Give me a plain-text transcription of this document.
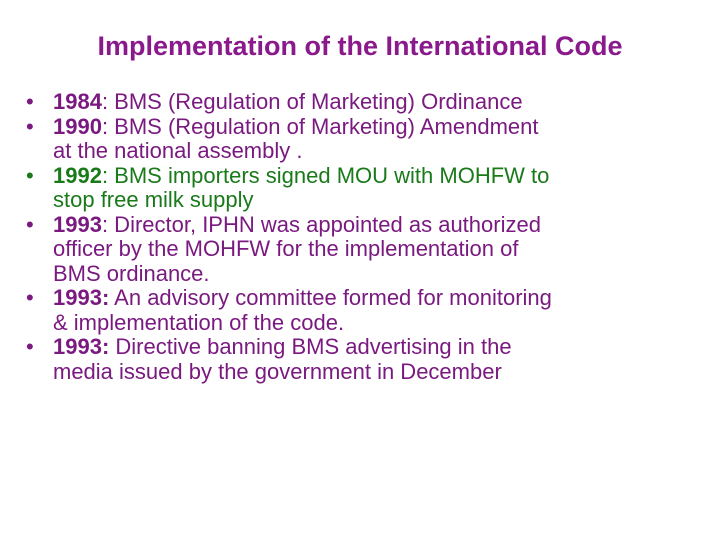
Implementation of the International Code
• 1984: BMS (Regulation of Marketing) Ordinance
• 1990: BMS (Regulation of Marketing) Amendment
at the national assembly .
• 1992: BMS importers signed MOU with MOHFW to
stop free milk supply
• 1993: Director, IPHN was appointed as authorized
officer by the MOHFW for the implementation of
BMS ordinance.
• 1993: An advisory committee formed for monitoring
& implementation of the code.
• 1993: Directive banning BMS advertising in the
media issued by the government in December
